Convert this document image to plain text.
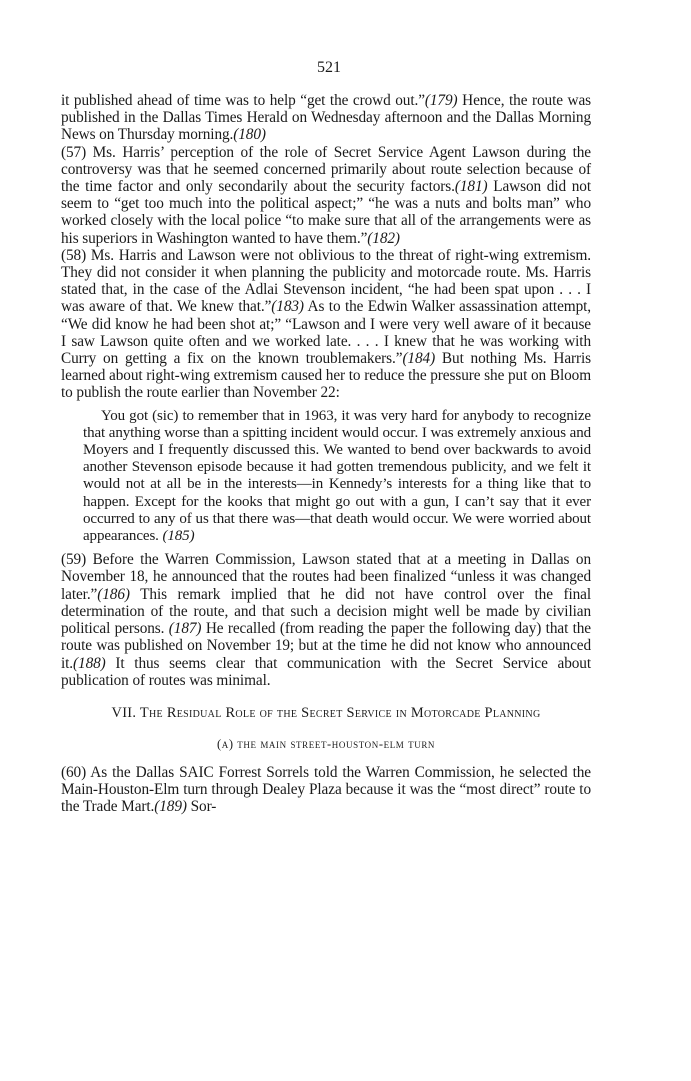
521

it published ahead of time was to help “get the crowd out.”(179) Hence, the route was published in the Dallas Times Herald on Wednesday afternoon and the Dallas Morning News on Thursday morning.(180)

(57) Ms. Harris’ perception of the role of Secret Service Agent Lawson during the controversy was that he seemed concerned primarily about route selection because of the time factor and only secondarily about the security factors.(181) Lawson did not seem to “get too much into the political aspect;” “he was a nuts and bolts man” who worked closely with the local police “to make sure that all of the arrangements were as his superiors in Washington wanted to have them.”(182)

(58) Ms. Harris and Lawson were not oblivious to the threat of right-wing extremism. They did not consider it when planning the publicity and motorcade route. Ms. Harris stated that, in the case of the Adlai Stevenson incident, “he had been spat upon . . . I was aware of that. We knew that.”(183) As to the Edwin Walker assassination attempt, “We did know he had been shot at;” “Lawson and I were very well aware of it because I saw Lawson quite often and we worked late. . . . I knew that he was working with Curry on getting a fix on the known troublemakers.”(184) But nothing Ms. Harris learned about right-wing extremism caused her to reduce the pressure she put on Bloom to publish the route earlier than November 22:

You got (sic) to remember that in 1963, it was very hard for anybody to recognize that anything worse than a spitting incident would occur. I was extremely anxious and Moyers and I frequently discussed this. We wanted to bend over backwards to avoid another Stevenson episode because it had gotten tremendous publicity, and we felt it would not at all be in the interests—in Kennedy’s interests for a thing like that to happen. Except for the kooks that might go out with a gun, I can’t say that it ever occurred to any of us that there was—that death would occur. We were worried about appearances. (185)

(59) Before the Warren Commission, Lawson stated that at a meeting in Dallas on November 18, he announced that the routes had been finalized “unless it was changed later.”(186) This remark implied that he did not have control over the final determination of the route, and that such a decision might well be made by civilian political persons. (187) He recalled (from reading the paper the following day) that the route was published on November 19; but at the time he did not know who announced it.(188) It thus seems clear that communication with the Secret Service about publication of routes was minimal.

VII. The Residual Role of the Secret Service in Motorcade Planning
(a) the main street-houston-elm turn

(60) As the Dallas SAIC Forrest Sorrels told the Warren Commission, he selected the Main-Houston-Elm turn through Dealey Plaza because it was the “most direct” route to the Trade Mart.(189) Sor-
